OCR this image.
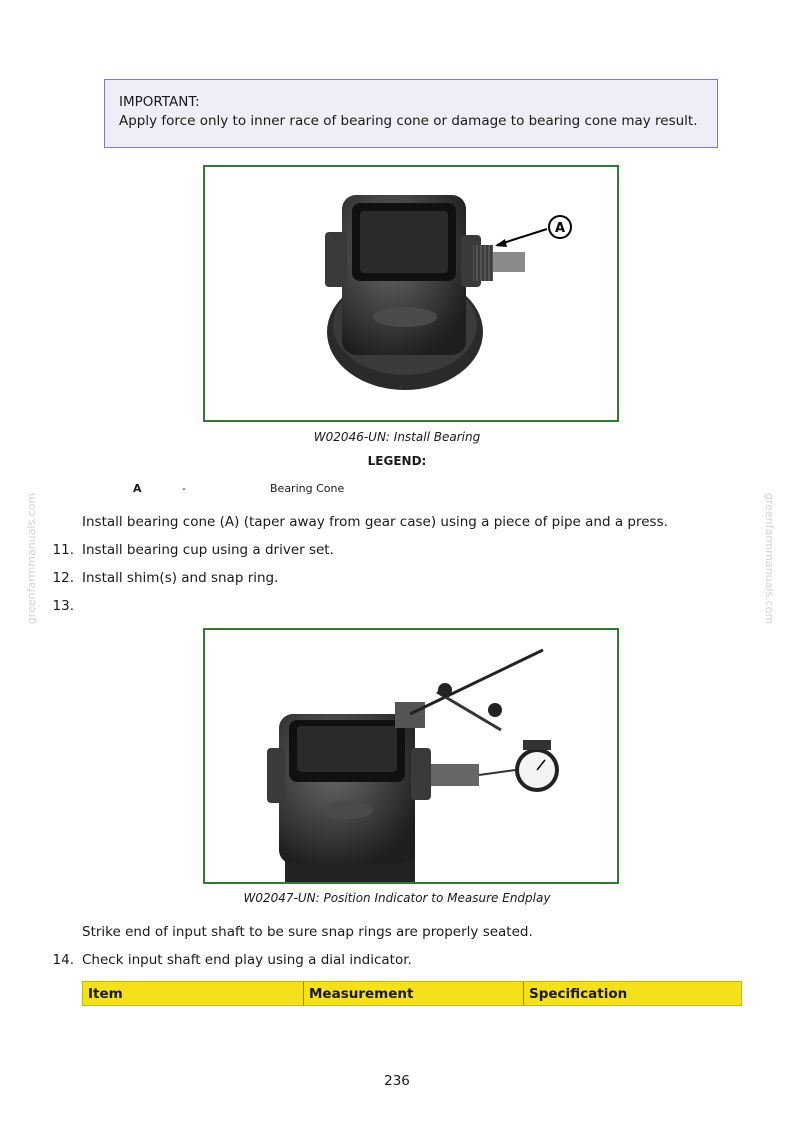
greenfarmmanuals.com	greenfarmmanuals.com
IMPORTANT:
Apply force only to inner race of bearing cone or damage to bearing cone may result.
A
W02046-UN: Install Bearing
LEGEND:
A	-	Bearing Cone
Install bearing cone (A) (taper away from gear case) using a piece of pipe and a press.
11. Install bearing cup using a driver set.
12. Install shim(s) and snap ring.
13.
W02047-UN: Position Indicator to Measure Endplay
Strike end of input shaft to be sure snap rings are properly seated.
14. Check input shaft end play using a dial indicator.
Item	Measurement	Specification
236
